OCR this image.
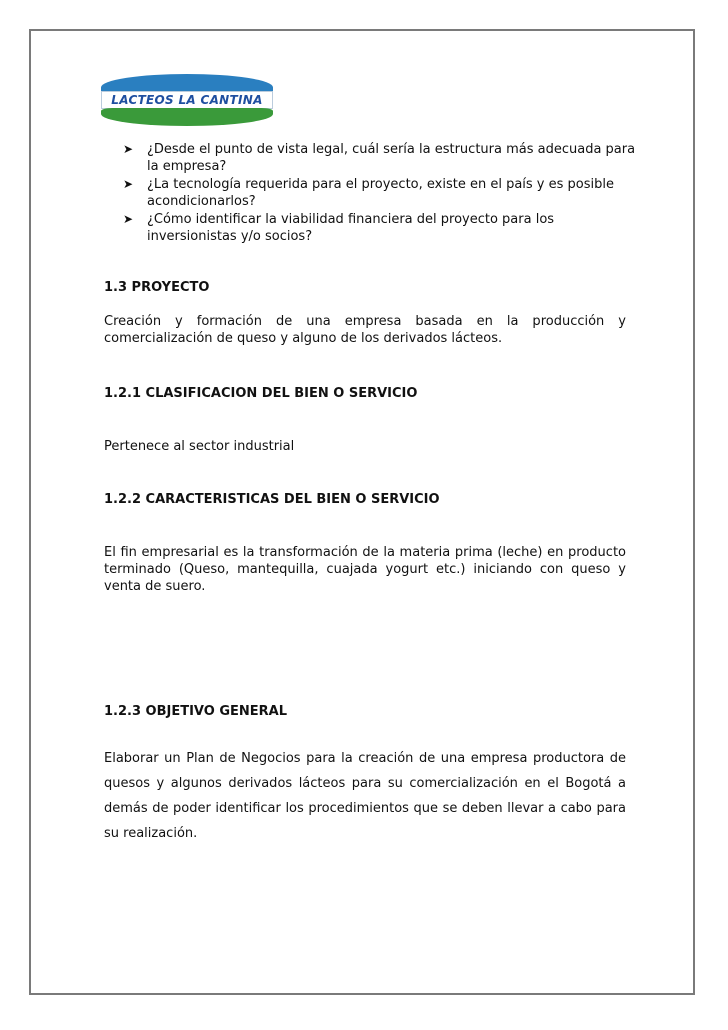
LACTEOS LA CANTINA
➤ ¿Desde el punto de vista legal, cuál sería la estructura más adecuada para la empresa?
➤ ¿La tecnología requerida para el proyecto, existe en el país y es posible acondicionarlos?
➤ ¿Cómo identificar la viabilidad financiera del proyecto para los inversionistas y/o socios?

1.3 PROYECTO

Creación y formación de una empresa basada en la producción y comercialización de queso y alguno de los derivados lácteos.

1.2.1 CLASIFICACION DEL BIEN O SERVICIO

Pertenece al sector industrial

1.2.2 CARACTERISTICAS DEL BIEN O SERVICIO

El fin empresarial es la transformación de la materia prima (leche) en producto terminado (Queso, mantequilla, cuajada yogurt etc.) iniciando con queso y venta de suero.

1.2.3 OBJETIVO GENERAL

Elaborar un Plan de Negocios para la creación de una empresa productora de quesos y algunos derivados lácteos para su comercialización en el Bogotá a demás de poder identificar los procedimientos que se deben llevar a cabo para su realización.
